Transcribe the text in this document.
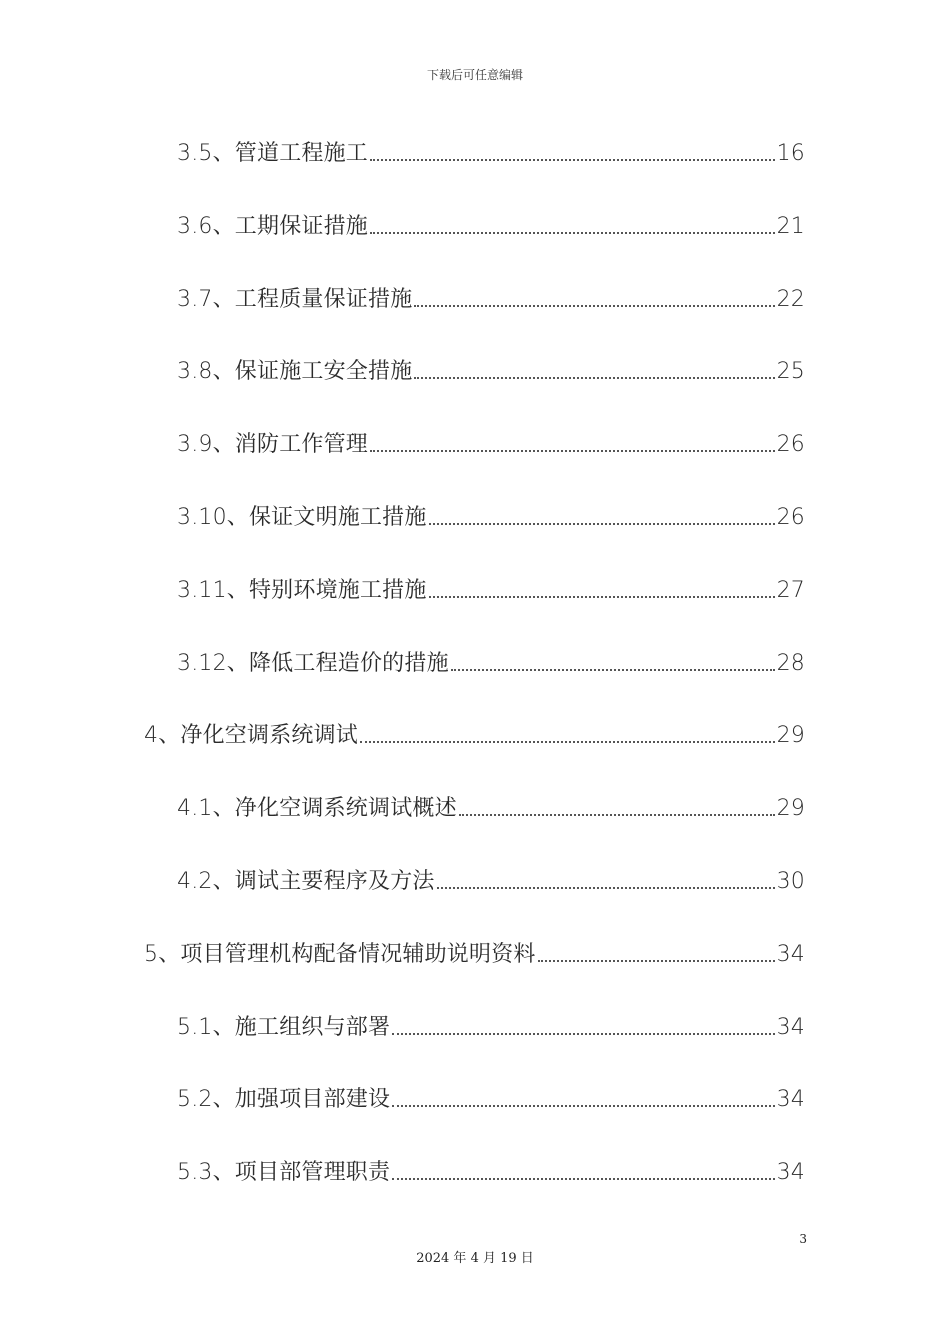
下载后可任意编辑
3.5、管道工程施工	16
3.6、工期保证措施	21
3.7、工程质量保证措施	22
3.8、保证施工安全措施	25
3.9、消防工作管理	26
3.10、保证文明施工措施	26
3.11、特别环境施工措施	27
3.12、降低工程造价的措施	28
4、净化空调系统调试	29
4.1、净化空调系统调试概述	29
4.2、调试主要程序及方法	30
5、项目管理机构配备情况辅助说明资料	34
5.1、施工组织与部署	34
5.2、加强项目部建设	34
5.3、项目部管理职责	34
3
2024 年 4 月 19 日
